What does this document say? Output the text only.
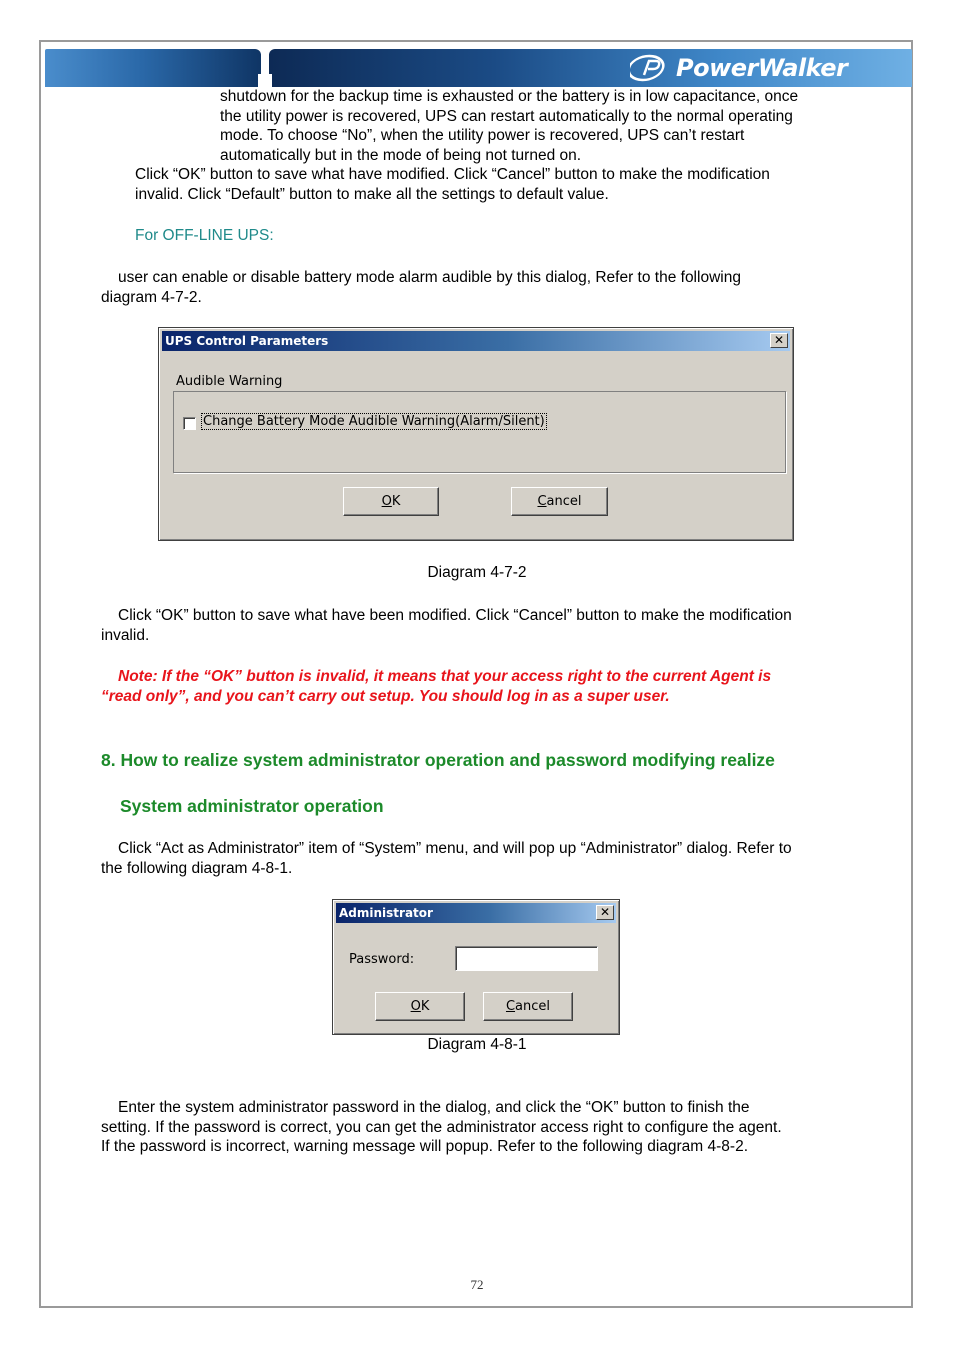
PowerWalker

shutdown for the backup time is exhausted or the battery is in low capacitance, once
the utility power is recovered, UPS can restart automatically to the normal operating
mode. To choose “No”, when the utility power is recovered, UPS can’t restart
automatically but in the mode of being not turned on.

Click “OK” button to save what have modified. Click “Cancel” button to make the modification
invalid. Click “Default” button to make all the settings to default value.

For OFF-LINE UPS:

user can enable or disable battery mode alarm audible by this dialog, Refer to the following
diagram 4-7-2.

UPS Control Parameters	✕
Audible Warning
Change Battery Mode Audible Warning(Alarm/Silent)
OK	Cancel
Diagram 4-7-2

Click “OK” button to save what have been modified. Click “Cancel” button to make the modification
invalid.

Note: If the “OK” button is invalid, it means that your access right to the current Agent is
“read only”, and you can’t carry out setup. You should log in as a super user.

8. How to realize system administrator operation and password modifying realize

System administrator operation

Click “Act as Administrator” item of “System” menu, and will pop up “Administrator” dialog. Refer to
the following diagram 4-8-1.

Administrator	✕
Password:
OK	Cancel
Diagram 4-8-1

Enter the system administrator password in the dialog, and click the “OK” button to finish the
setting. If the password is correct, you can get the administrator access right to configure the agent.
If the password is incorrect, warning message will popup. Refer to the following diagram 4-8-2.

72
